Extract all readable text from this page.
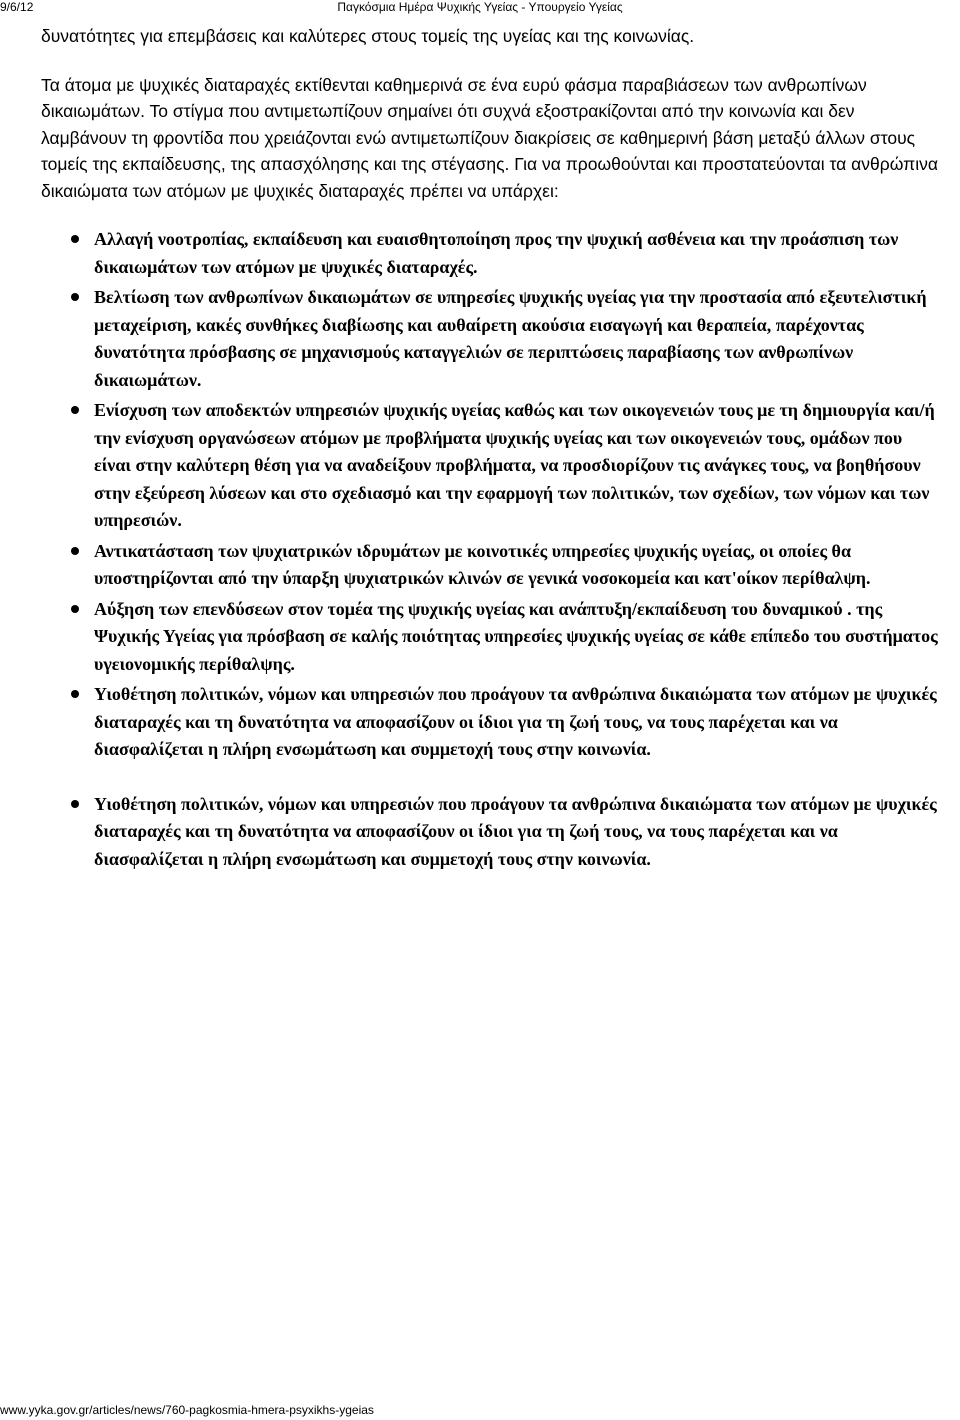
9/6/12	Παγκόσμια Ημέρα Ψυχικής Υγείας - Υπουργείο Υγείας

δυνατότητες για επεμβάσεις και καλύτερες στους τομείς της υγείας και της κοινωνίας.

Τα άτομα με ψυχικές διαταραχές εκτίθενται καθημερινά σε ένα ευρύ φάσμα παραβιάσεων των ανθρωπίνων δικαιωμάτων. Το στίγμα που αντιμετωπίζουν σημαίνει ότι συχνά εξοστρακίζονται από την κοινωνία και δεν λαμβάνουν τη φροντίδα που χρειάζονται ενώ αντιμετωπίζουν διακρίσεις σε καθημερινή βάση μεταξύ άλλων στους τομείς της εκπαίδευσης, της απασχόλησης και της στέγασης. Για να προωθούνται και προστατεύονται τα ανθρώπινα δικαιώματα των ατόμων με ψυχικές διαταραχές πρέπει να υπάρχει:

Αλλαγή νοοτροπίας, εκπαίδευση και ευαισθητοποίηση προς την ψυχική ασθένεια και την προάσπιση των δικαιωμάτων των ατόμων με ψυχικές διαταραχές.
Βελτίωση των ανθρωπίνων δικαιωμάτων σε υπηρεσίες ψυχικής υγείας για την προστασία από εξευτελιστική μεταχείριση, κακές συνθήκες διαβίωσης και αυθαίρετη ακούσια εισαγωγή και θεραπεία, παρέχοντας δυνατότητα πρόσβασης σε μηχανισμούς καταγγελιών σε περιπτώσεις παραβίασης των ανθρωπίνων δικαιωμάτων.
Ενίσχυση των αποδεκτών υπηρεσιών ψυχικής υγείας καθώς και των οικογενειών τους με τη δημιουργία και/ή την ενίσχυση οργανώσεων ατόμων με προβλήματα ψυχικής υγείας και των οικογενειών τους, ομάδων που είναι στην καλύτερη θέση για να αναδείξουν προβλήματα, να προσδιορίζουν τις ανάγκες τους, να βοηθήσουν στην εξεύρεση λύσεων και στο σχεδιασμό και την εφαρμογή των πολιτικών, των σχεδίων, των νόμων και των υπηρεσιών.
Αντικατάσταση των ψυχιατρικών ιδρυμάτων με κοινοτικές υπηρεσίες ψυχικής υγείας, οι οποίες θα υποστηρίζονται από την ύπαρξη ψυχιατρικών κλινών σε γενικά νοσοκομεία και κατ'οίκον περίθαλψη.
Αύξηση των επενδύσεων στον τομέα της ψυχικής υγείας και ανάπτυξη/εκπαίδευση του δυναμικού . της Ψυχικής Υγείας για πρόσβαση σε καλής ποιότητας υπηρεσίες ψυχικής υγείας σε κάθε επίπεδο του συστήματος υγειονομικής περίθαλψης.
Υιοθέτηση πολιτικών, νόμων και υπηρεσιών που προάγουν τα ανθρώπινα δικαιώματα των ατόμων με ψυχικές διαταραχές και τη δυνατότητα να αποφασίζουν οι ίδιοι για τη ζωή τους, να τους παρέχεται και να διασφαλίζεται η πλήρη ενσωμάτωση και συμμετοχή τους στην κοινωνία.
Υιοθέτηση πολιτικών, νόμων και υπηρεσιών που προάγουν τα ανθρώπινα δικαιώματα των ατόμων με ψυχικές διαταραχές και τη δυνατότητα να αποφασίζουν οι ίδιοι για τη ζωή τους, να τους παρέχεται και να διασφαλίζεται η πλήρη ενσωμάτωση και συμμετοχή τους στην κοινωνία.
www.yyka.gov.gr/articles/news/760-pagkosmia-hmera-psyxikhs-ygeias
